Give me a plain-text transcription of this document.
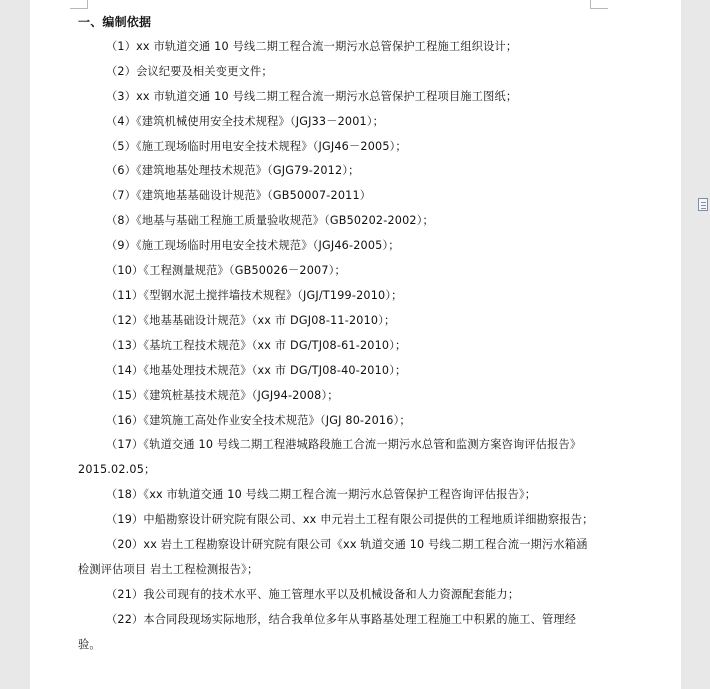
一、编制依据

（1）xx 市轨道交通 10 号线二期工程合流一期污水总管保护工程施工组织设计；

（2）会议纪要及相关变更文件；

（3）xx 市轨道交通 10 号线二期工程合流一期污水总管保护工程项目施工图纸；

（4）《建筑机械使用安全技术规程》（JGJ33－2001）；

（5）《施工现场临时用电安全技术规程》（JGJ46－2005）；

（6）《建筑地基处理技术规范》（GJG79-2012）；

（7）《建筑地基基础设计规范》（GB50007-2011）

（8）《地基与基础工程施工质量验收规范》（GB50202-2002）；

（9）《施工现场临时用电安全技术规范》（JGJ46-2005）；

（10）《工程测量规范》（GB50026－2007）；

（11）《型钢水泥土搅拌墙技术规程》（JGJ/T199-2010）；

（12）《地基基础设计规范》（xx 市 DGJ08-11-2010）；

（13）《基坑工程技术规范》（xx 市 DG/TJ08-61-2010）；

（14）《地基处理技术规范》（xx 市 DG/TJ08-40-2010）；

（15）《建筑桩基技术规范》（JGJ94-2008）；

（16）《建筑施工高处作业安全技术规范》（JGJ 80-2016）；

（17）《轨道交通 10 号线二期工程港城路段施工合流一期污水总管和监测方案咨询评估报告》2015.02.05；

（18）《xx 市轨道交通 10 号线二期工程合流一期污水总管保护工程咨询评估报告》；

（19）中船勘察设计研究院有限公司、xx 申元岩土工程有限公司提供的工程地质详细勘察报告；

（20）xx 岩土工程勘察设计研究院有限公司《xx 轨道交通 10 号线二期工程合流一期污水箱涵检测评估项目 岩土工程检测报告》；

（21）我公司现有的技术水平、施工管理水平以及机械设备和人力资源配套能力；

（22）本合同段现场实际地形，结合我单位多年从事路基处理工程施工中积累的施工、管理经验。
